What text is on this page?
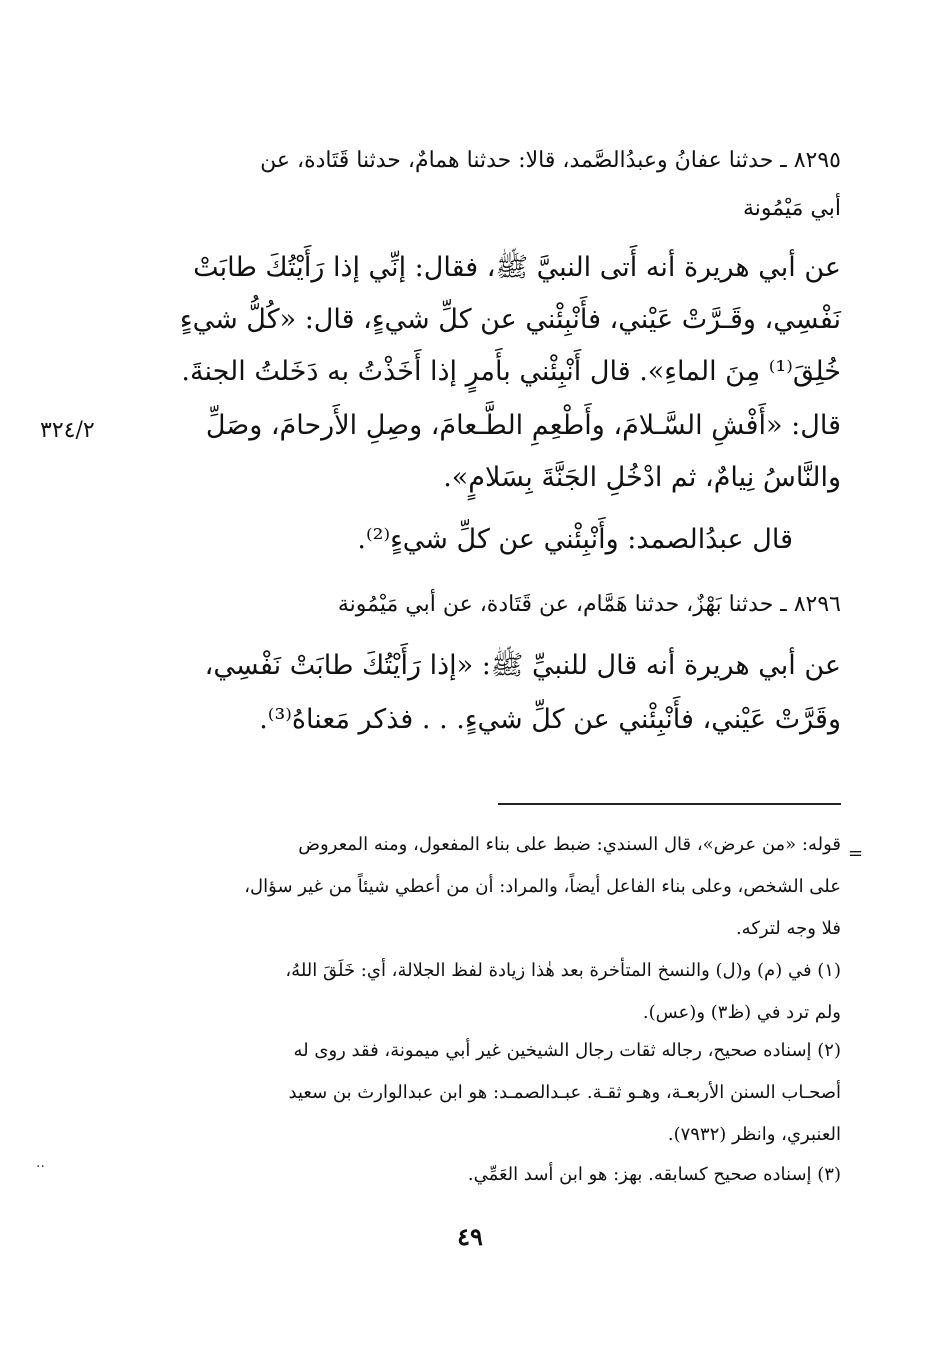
٨٢٩٥ ـ حدثنا عفانُ وعبدُالصَّمد، قالا: حدثنا همامٌ، حدثنا قَتَادة، عن
أبي مَيْمُونة
عن أبي هريرة أنه أَتى النبيَّ ﷺ، فقال: إنِّي إذا رَأَيْتُكَ طابَتْ
نَفْسِي، وقَـرَّتْ عَيْني، فأَنْبِئْني عن كلِّ شيءٍ، قال: «كُلُّ شيءٍ
خُلِقَ⁽¹⁾ مِنَ الماءِ». قال أَنْبِئْني بأَمرٍ إذا أَخَذْتُ به دَخَلتُ الجنةَ.
قال: «أَفْشِ السَّـلامَ، وأَطْعِمِ الطَّـعامَ، وصِلِ الأَرحامَ، وصَلِّ
والنَّاسُ نِيامٌ، ثم ادْخُلِ الجَنَّةَ بِسَلامٍ».
٣٢٤/٢
قال عبدُالصمد: وأَنْبِئْني عن كلِّ شيءٍ⁽²⁾.
٨٢٩٦ ـ حدثنا بَهْزٌ، حدثنا هَمَّام، عن قَتَادة، عن أبي مَيْمُونة
عن أبي هريرة أنه قال للنبيِّ ﷺ: «إذا رَأَيْتُكَ طابَتْ نَفْسِي،
وقَرَّتْ عَيْني، فأَنْبِئْني عن كلِّ شيءٍ. . . فذكر مَعناهُ⁽³⁾.
=
قوله: «من عرض»، قال السندي: ضبط على بناء المفعول، ومنه المعروض
على الشخص، وعلى بناء الفاعل أيضاً، والمراد: أن من أعطي شيئاً من غير سؤال،
فلا وجه لتركه.
(١) في (م) و(ل) والنسخ المتأخرة بعد هٰذا زيادة لفظ الجلالة، أي: خَلَقَ اللهُ،
ولم ترد في (ظ٣) و(عس).
(٢) إسناده صحيح، رجاله ثقات رجال الشيخين غير أبي ميمونة، فقد روى له
أصحـاب السنن الأربعـة، وهـو ثقـة. عبـدالصمـد: هو ابن عبدالوارث بن سعيد
العنبري، وانظر (٧٩٣٢).
(٣) إسناده صحيح كسابقه. بهز: هو ابن أسد العَمِّي.
..
٤٩
